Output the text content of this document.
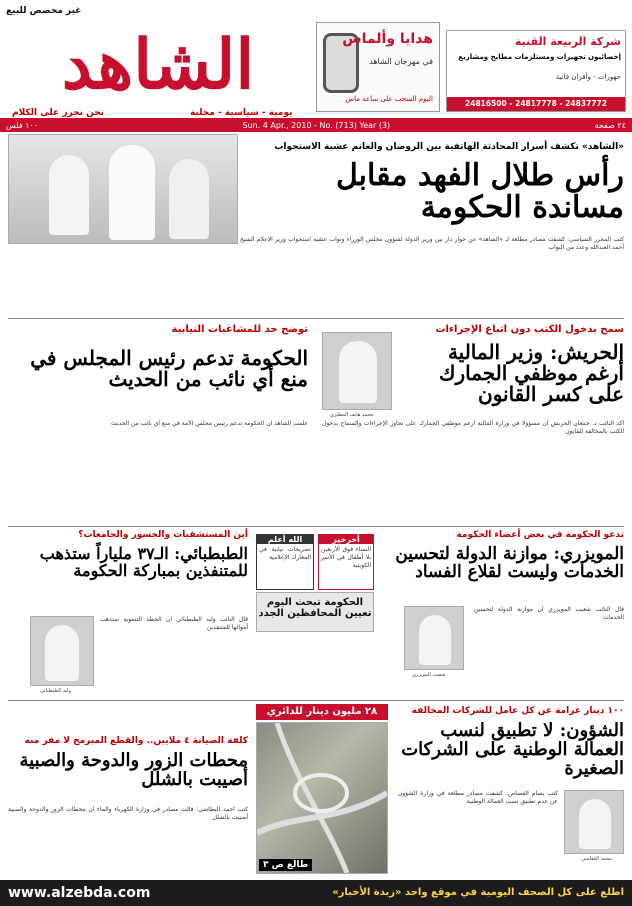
غير مخصص للبيع
هدايا وألماس
في مهرجان الشاهد
اليوم السحب على ساعة ماس
الشاهد
يومية - سياسية - محلية
نحن نحرز على الكلام
شركة الربيعة الفنية
إخصائيون تجهيزات ومستلزمات مطابخ ومشاريع
جهوزات - وأفران فاتية
24816500 - 24817778 - 24837772
٢٤ صفحة
Sun. 4 Apr., 2010 - No. (713) Year (3)
١٠٠ فلس
«الشاهد» تكشف أسرار المحادثة الهاتفية بين الروضان والغانم عشية الاستجواب
رأس طلال الفهد مقابل مساندة الحكومة
كتب المحرر السياسي: كشفت مصادر مطلعة لـ «الشاهد» عن حوار دار بين وزير الدولة لشؤون مجلس الوزراء ونواب عشية استجواب وزير الإعلام الشيخ أحمد العبدالله وعدد من النواب
سمح بدخول الكتب دون اتباع الإجراءات
محمد هايف المطيري
الحريش: وزير المالية أرغم موظفي الجمارك على كسر القانون
أكد النائب د. جمعان الحربش أن مسؤولا في وزارة المالية أرغم موظفي الجمارك على تجاوز الإجراءات والسماح بدخول الكتب بالمخالفة للقانون
توضح حد للمشاغبات النيابية
الحكومة تدعم رئيس المجلس في منع أي نائب من الحديث
علمت الشاهد ان الحكومة تدعم رئيس مجلس الأمة في منع أي نائب من الحديث
أين المستشفيات والجسور والجامعات؟
الطبطبائي: الـ٣٧ ملياراً ستذهب للمتنفذين بمباركة الحكومة
وليد الطبطبائي
قال النائب وليد الطبطبائي ان الخطة التنموية ستذهب أموالها للمتنفذين
أخرخير
النساء فوق الأربعين بلا أطفال في الأسر الكويتية
الله أعلم
تصريحات نيابية في المعارك الإعلامية
الحكومة تبحث اليوم
تعيين المحافظين الجدد
تدعو الحكومة في بعض أعضاء الحكومة
المويزري: موازنة الدولة لتحسين الخدمات وليست لقلاع الفساد
شعيب المويزري
قال النائب شعيب المويزري ان موازنة الدولة لتحسين الخدمات
كلفة الصيانة ٤ ملايين.. والقطع المبرمج لا مفر منه
محطات الزور والدوحة والصبية أصيبت بالشلل
كتب أحمد البطاشي: قالت مصادر في وزارة الكهرباء والماء ان محطات الزور والدوحة والصبية أصيبت بالشلل
٢٨ مليون دينار للدائري
طالع ص ٣
١٠٠ دينار غرامة عن كل عامل للشركات المخالفة
الشؤون: لا تطبيق لنسب العمالة الوطنية على الشركات الصغيرة
محمد العفاسي
كتب بسام القصاص: كشفت مصادر مطلعة في وزارة الشؤون عن عدم تطبيق نسب العمالة الوطنية
www.alzebda.com	اطلع على كل الصحف اليومية في موقع واحد «زبدة الأخبار»
